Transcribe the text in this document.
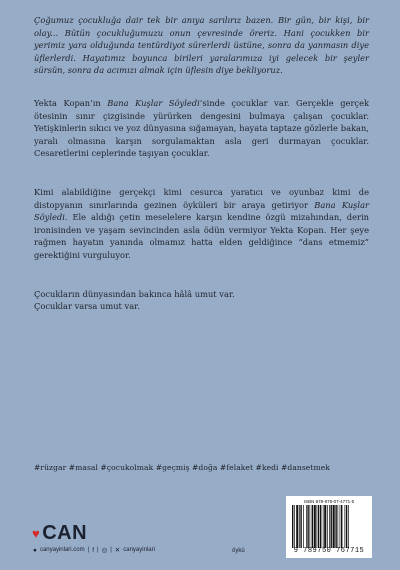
Çoğumuz çocukluğa dair tek bir anıya sarılırız bazen. Bir gün, bir kişi, bir olay... Bütün çocukluğumuzu onun çevresinde öreriz. Hani çocukken bir yerimiz yara olduğunda tentürdiyot sürerlerdi üstüne, sonra da yanmasın diye üflerlerdi. Hayatımız boyunca birileri yaralarımıza iyi gelecek bir şeyler sürsün, sonra da acımızı almak için üflesin diye bekliyoruz.

Yekta Kopan’ın Bana Kuşlar Söyledi’sinde çocuklar var. Gerçekle gerçek ötesinin sınır çizgisinde yürürken dengesini bulmaya çalışan çocuklar. Yetişkinlerin sıkıcı ve yoz dünyasına sığamayan, hayata taptaze gözlerle bakan, yaralı olmasına karşın sorgulamaktan asla geri durmayan çocuklar. Cesaretlerini ceplerinde taşıyan çocuklar.

Kimi alabildiğine gerçekçi kimi cesurca yaratıcı ve oyunbaz kimi de distopyanın sınırlarında gezinen öyküleri bir araya getiriyor Bana Kuşlar Söyledi. Ele aldığı çetin meselelere karşın kendine özgü mizahından, derin ironisinden ve yaşam sevincinden asla ödün vermiyor Yekta Kopan. Her şeye rağmen hayatın yanında olmamız hatta elden geldiğince “dans etmemiz” gerektiğini vurguluyor.

Çocukların dünyasından bakınca hâlâ umut var.
Çocuklar varsa umut var.

#rüzgar #masal #çocukolmak #geçmiş #doğa #felaket #kedi #dansetmek
♥ CAN
● canyayinlari.com | f | ◎ | ✕ canyayinlari	öykü
ISBN 978-975-07-4771-5
9 789750 767715
